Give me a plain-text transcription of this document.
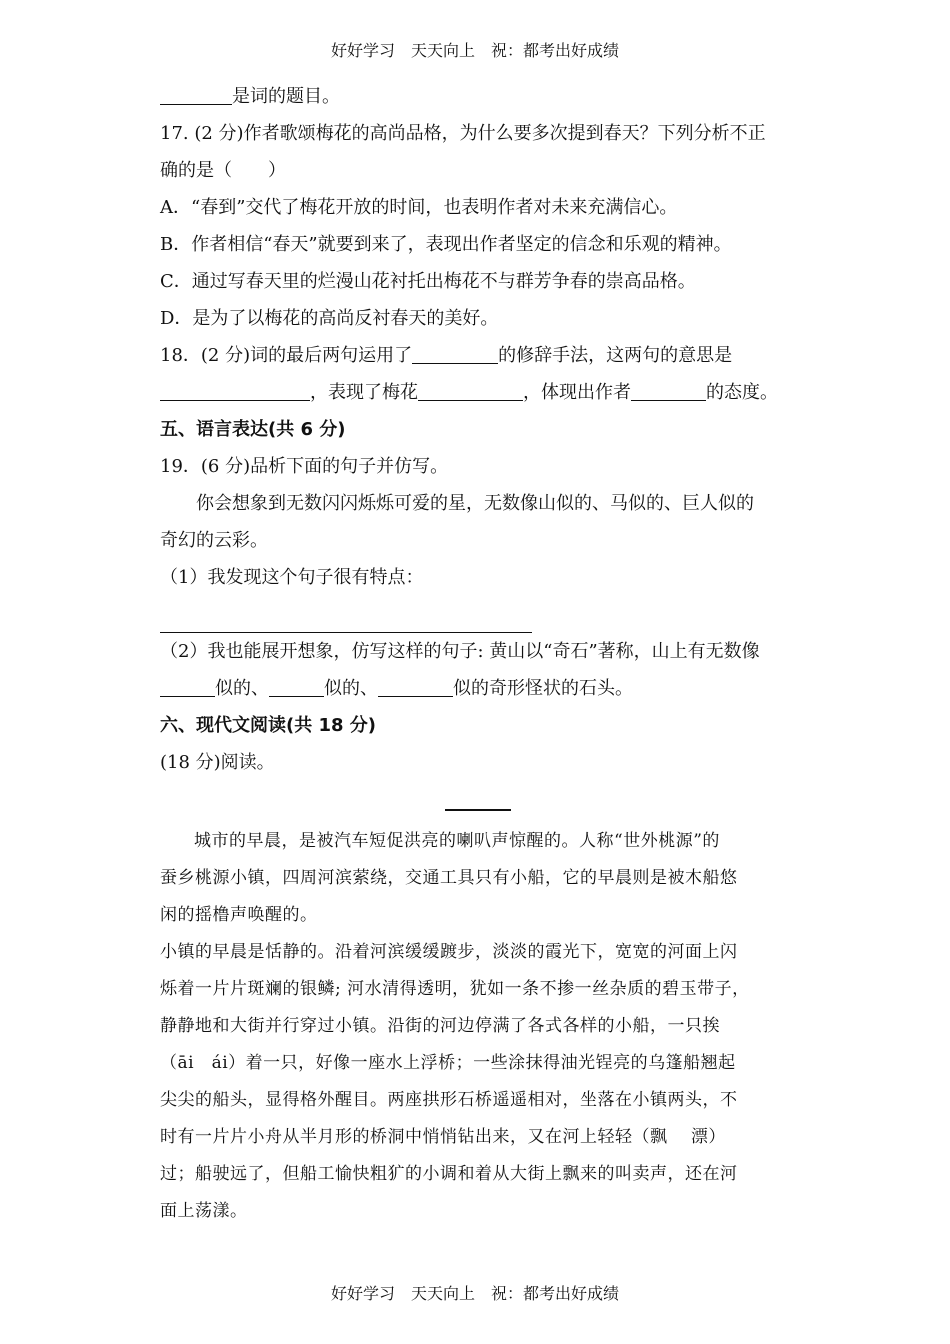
好好学习　天天向上　祝：都考出好成绩
是词的题目。
17. (2 分)作者歌颂梅花的高尚品格，为什么要多次提到春天？下列分析不正
确的是（　　）
A．“春到”交代了梅花开放的时间，也表明作者对未来充满信心。
B．作者相信“春天”就要到来了，表现出作者坚定的信念和乐观的精神。
C．通过写春天里的烂漫山花衬托出梅花不与群芳争春的崇高品格。
D．是为了以梅花的高尚反衬春天的美好。
18．(2 分)词的最后两句运用了	的修辞手法，这两句的意思是
，表现了梅花	，体现出作者	的态度。
五、语言表达(共 6 分)
19．(6 分)品析下面的句子并仿写。
你会想象到无数闪闪烁烁可爱的星，无数像山似的、马似的、巨人似的
奇幻的云彩。
（1）我发现这个句子很有特点：
（2）我也能展开想象，仿写这样的句子: 黄山以“奇石”著称，山上有无数像
似的、	似的、	似的奇形怪状的石头。
六、现代文阅读(共 18 分)
(18 分)阅读。
城市的早晨，是被汽车短促洪亮的喇叭声惊醒的。人称“世外桃源”的
蚕乡桃源小镇，四周河滨萦绕，交通工具只有小船，它的早晨则是被木船悠
闲的摇橹声唤醒的。
小镇的早晨是恬静的。沿着河滨缓缓踱步，淡淡的霞光下，宽宽的河面上闪
烁着一片片斑斓的银鳞; 河水清得透明，犹如一条不掺一丝杂质的碧玉带子，
静静地和大街并行穿过小镇。沿街的河边停满了各式各样的小船，一只挨
（āi　ái）着一只，好像一座水上浮桥；一些涂抹得油光锃亮的乌篷船翘起
尖尖的船头，显得格外醒目。两座拱形石桥遥遥相对，坐落在小镇两头，不
时有一片片小舟从半月形的桥洞中悄悄钻出来，又在河上轻轻（飘　 漂）
过；船驶远了，但船工愉快粗犷的小调和着从大街上飘来的叫卖声，还在河
面上荡漾。
好好学习　天天向上　祝：都考出好成绩
